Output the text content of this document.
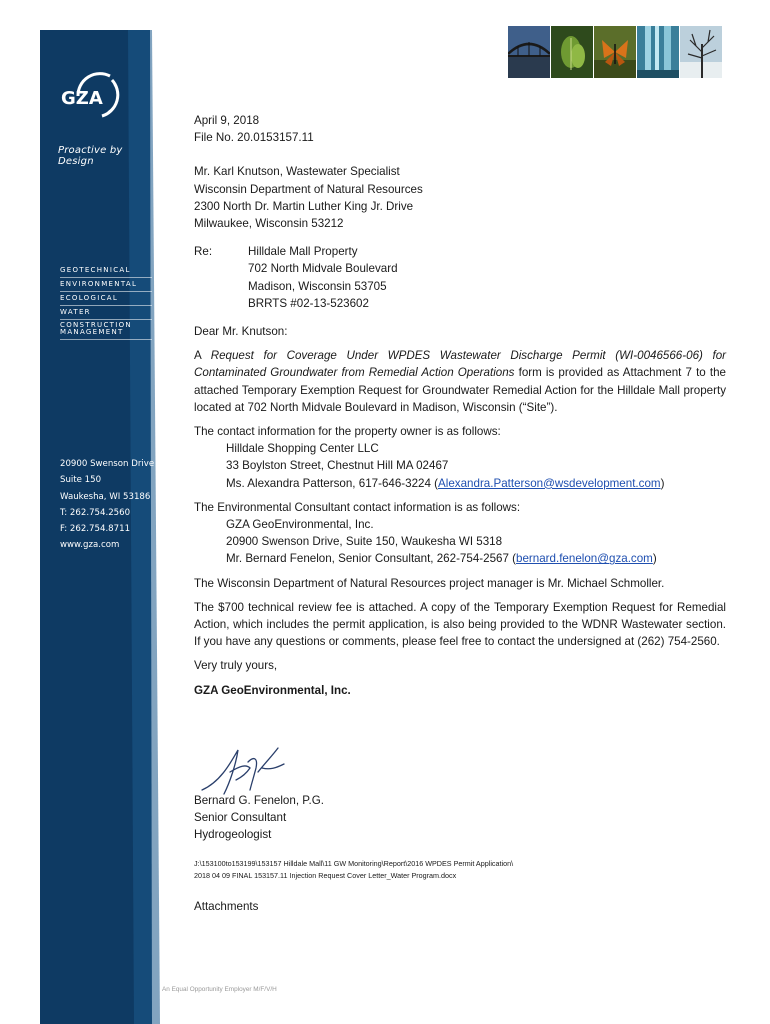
GZA
Proactive by Design
GEOTECHNICAL
ENVIRONMENTAL
ECOLOGICAL
WATER
CONSTRUCTION MANAGEMENT
20900 Swenson Drive
Suite 150
Waukesha, WI 53186
T: 262.754.2560
F: 262.754.8711
www.gza.com

April 9, 2018

File No. 20.0153157.11

Mr. Karl Knutson, Wastewater Specialist

Wisconsin Department of Natural Resources

2300 North Dr. Martin Luther King Jr. Drive

Milwaukee, Wisconsin 53212

Re:	Hilldale Mall Property

702 North Midvale Boulevard

Madison, Wisconsin 53705

BRRTS #02-13-523602

Dear Mr. Knutson:

A Request for Coverage Under WPDES Wastewater Discharge Permit (WI-0046566-06) for Contaminated Groundwater from Remedial Action Operations form is provided as Attachment 7 to the attached Temporary Exemption Request for Groundwater Remedial Action for the Hilldale Mall property located at 702 North Midvale Boulevard in Madison, Wisconsin (“Site”).

The contact information for the property owner is as follows:

Hilldale Shopping Center LLC

33 Boylston Street, Chestnut Hill MA 02467

Ms. Alexandra Patterson, 617-646-3224 (Alexandra.Patterson@wsdevelopment.com)

The Environmental Consultant contact information is as follows:

GZA GeoEnvironmental, Inc.

20900 Swenson Drive, Suite 150, Waukesha WI 5318

Mr. Bernard Fenelon, Senior Consultant, 262-754-2567 (bernard.fenelon@gza.com)

The Wisconsin Department of Natural Resources project manager is Mr. Michael Schmoller.

The $700 technical review fee is attached. A copy of the Temporary Exemption Request for Remedial Action, which includes the permit application, is also being provided to the WDNR Wastewater section. If you have any questions or comments, please feel free to contact the undersigned at (262) 754-2560.

Very truly yours,

GZA GeoEnvironmental, Inc.

Bernard G. Fenelon, P.G.

Senior Consultant

Hydrogeologist

J:\153100to153199\153157 Hilldale Mall\11 GW Monitoring\Report\2016 WPDES Permit Application\
2018 04 09 FINAL 153157.11 Injection Request Cover Letter_Water Program.docx
Attachments
An Equal Opportunity Employer M/F/V/H
